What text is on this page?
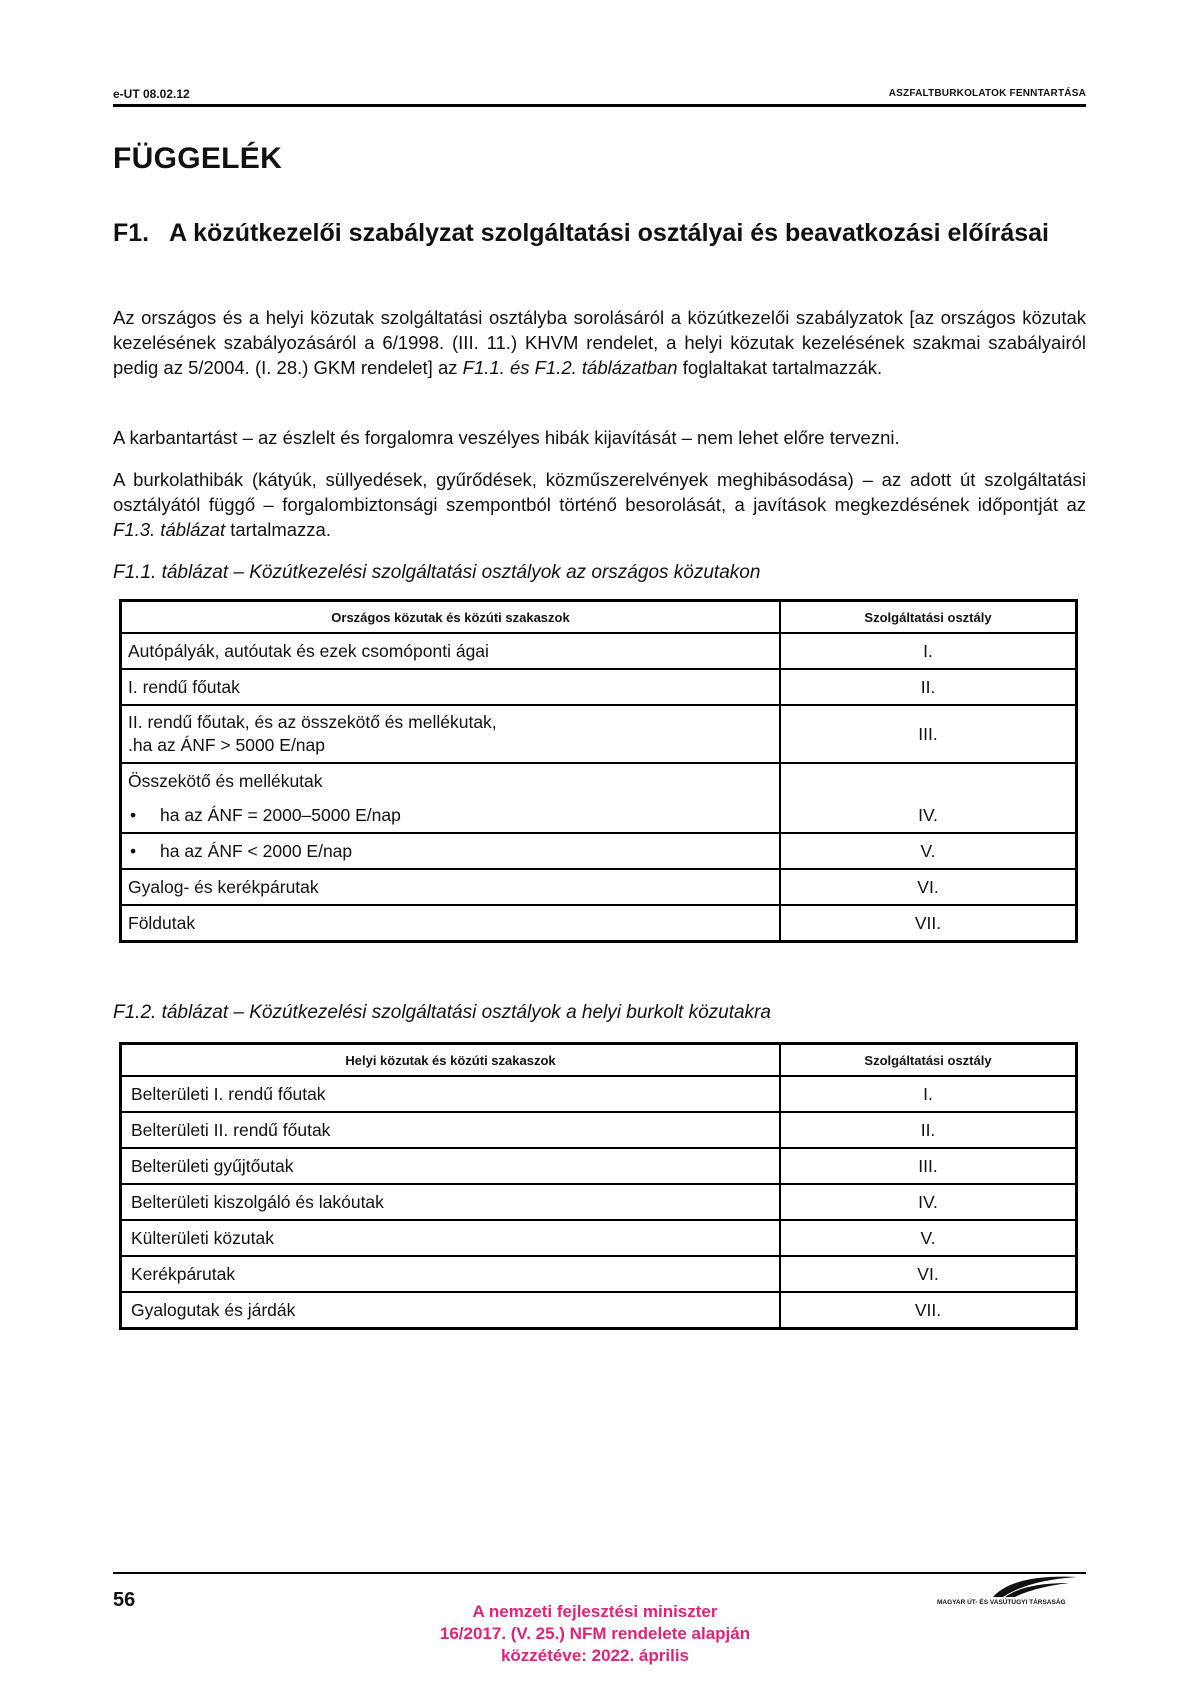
e-UT 08.02.12	ASZFALTBURKOLATOK FENNTARTÁSA
FÜGGELÉK
F1. A közútkezelői szabályzat szolgáltatási osztályai és beavatkozási előírásai
Az országos és a helyi közutak szolgáltatási osztályba sorolásáról a közútkezelői szabályzatok [az országos közutak kezelésének szabályozásáról a 6/1998. (III. 11.) KHVM rendelet, a helyi közutak kezelésének szakmai szabályairól pedig az 5/2004. (I. 28.) GKM rendelet] az F1.1. és F1.2. táblázatban foglaltakat tartalmazzák.
A karbantartást – az észlelt és forgalomra veszélyes hibák kijavítását – nem lehet előre tervezni.
A burkolathibák (kátyúk, süllyedések, gyűrődések, közműszerelvények meghibásodása) – az adott út szolgáltatási osztályától függő – forgalombiztonsági szempontból történő besorolását, a javítások megkezdésének időpontját az F1.3. táblázat tartalmazza.
F1.1. táblázat – Közútkezelési szolgáltatási osztályok az országos közutakon
Országos közutak és közúti szakaszok	Szolgáltatási osztály
Autópályák, autóutak és ezek csomóponti ágai	I.
I. rendű főutak	II.

II. rendű főutak, és az összekötő és mellékutak,
.ha az ÁNF > 5000 E/nap	III.
Összekötő és mellékutak	
• ha az ÁNF = 2000–5000 E/nap	IV.
• ha az ÁNF < 2000 E/nap	V.
Gyalog- és kerékpárutak	VI.
Földutak	VII.
F1.2. táblázat – Közútkezelési szolgáltatási osztályok a helyi burkolt közutakra
Helyi közutak és közúti szakaszok	Szolgáltatási osztály
Belterületi I. rendű főutak	I.
Belterületi II. rendű főutak	II.
Belterületi gyűjtőutak	III.
Belterületi kiszolgáló és lakóutak	IV.
Külterületi közutak	V.
Kerékpárutak	VI.
Gyalogutak és járdák	VII.
56	MAGYAR ÚT- ÉS VASÚTÜGYI TÁRSASÁG
A nemzeti fejlesztési miniszter
16/2017. (V. 25.) NFM rendelete alapján
közzétéve: 2022. április
